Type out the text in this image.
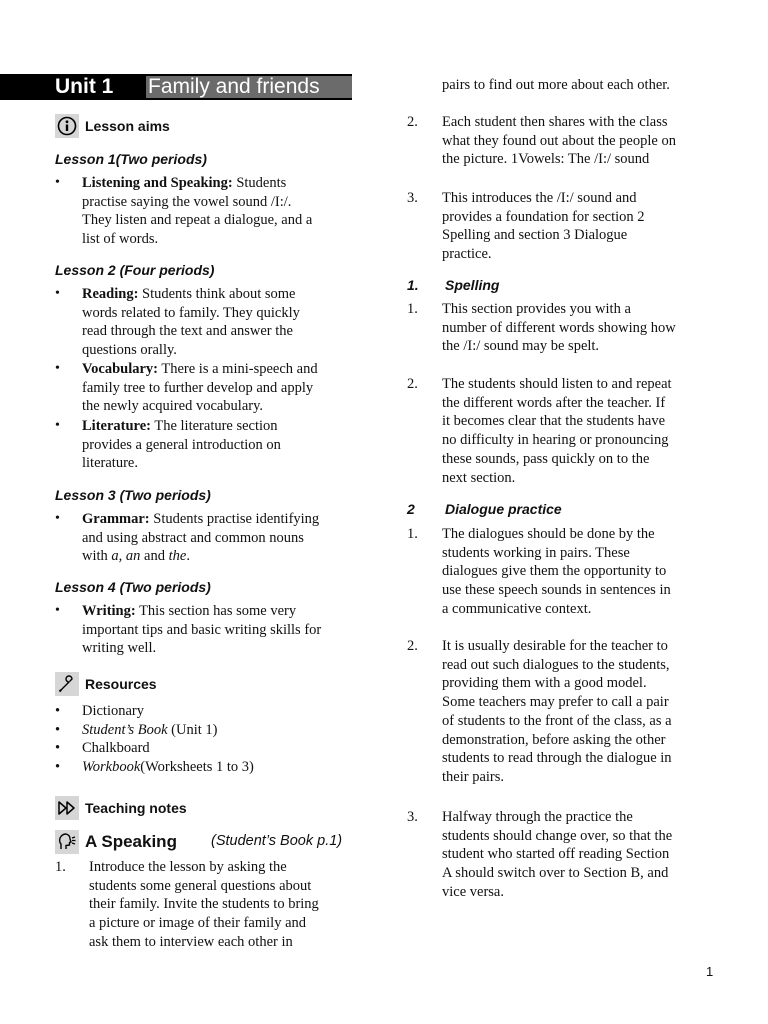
Unit 1 Family and friends
Lesson aims
Lesson 1(Two periods)
• Listening and Speaking: Students
practise saying the vowel sound /I:/.
They listen and repeat a dialogue, and a
list of words.
Lesson 2 (Four periods)
• Reading: Students think about some
words related to family. They quickly
read through the text and answer the
questions orally.
• Vocabulary: There is a mini-speech and
family tree to further develop and apply
the newly acquired vocabulary.
• Literature: The literature section
provides a general introduction on
literature.
Lesson 3 (Two periods)
• Grammar: Students practise identifying
and using abstract and common nouns
with a, an and the.
Lesson 4 (Two periods)
• Writing: This section has some very
important tips and basic writing skills for
writing well.
Resources
• Dictionary
• Student’s Book (Unit 1)
• Chalkboard
• Workbook(Worksheets 1 to 3)
Teaching notes
A Speaking (Student’s Book p.1)
1. Introduce the lesson by asking the
students some general questions about
their family. Invite the students to bring
a picture or image of their family and
ask them to interview each other in
pairs to find out more about each other.
2. Each student then shares with the class
what they found out about the people on
the picture. 1Vowels: The /I:/ sound
3. This introduces the /I:/ sound and
provides a foundation for section 2
Spelling and section 3 Dialogue
practice.
1. Spelling
1. This section provides you with a
number of different words showing how
the /I:/ sound may be spelt.
2. The students should listen to and repeat
the different words after the teacher. If
it becomes clear that the students have
no difficulty in hearing or pronouncing
these sounds, pass quickly on to the
next section.
2 Dialogue practice
1. The dialogues should be done by the
students working in pairs. These
dialogues give them the opportunity to
use these speech sounds in sentences in
a communicative context.
2. It is usually desirable for the teacher to
read out such dialogues to the students,
providing them with a good model.
Some teachers may prefer to call a pair
of students to the front of the class, as a
demonstration, before asking the other
students to read through the dialogue in
their pairs.
3. Halfway through the practice the
students should change over, so that the
student who started off reading Section
A should switch over to Section B, and
vice versa.
1
